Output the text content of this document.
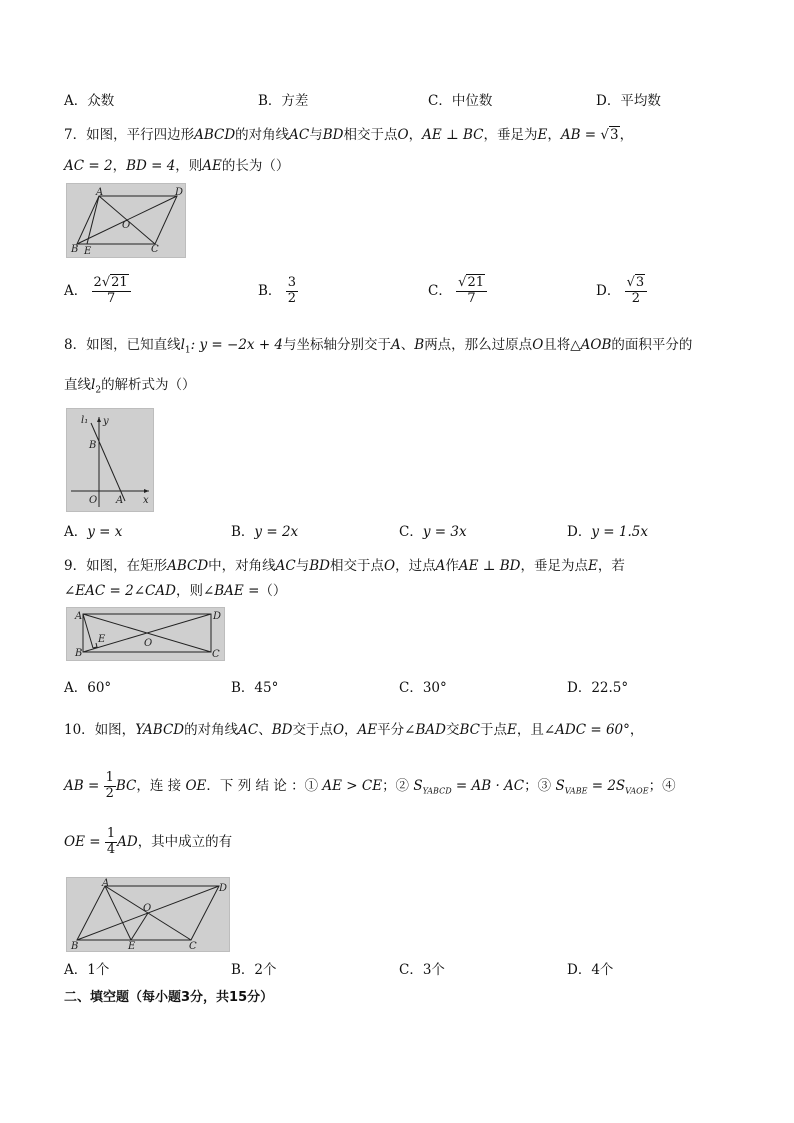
A．众数	B．方差	C．中位数	D．平均数
7．如图，平行四边形ABCD的对角线AC与BD相交于点O，AE ⊥ BC，垂足为E，AB = √3，
AC = 2，BD = 4，则AE的长为（）
A	D
O
B E	C
A． $\frac{2√21}{7}$	B． $\frac{3}{2}$	C． $\frac{√21}{7}$	D． $\frac{√3}{2}$
8．如图，已知直线$l_1$: y = −2x + 4与坐标轴分别交于A、B两点，那么过原点O且将△AOB的面积平分的
直线$l_2$的解析式为（）
l₁ y
B
O A x
A．y = x	B．y = 2x	C．y = 3x	D．y = 1.5x
9．如图，在矩形ABCD中，对角线AC与BD相交于点O，过点A作AE ⊥ BD，垂足为点E，若
∠EAC = 2∠CAD，则∠BAE =（）
A	D
E	O
B	C
A．60°	B．45°	C．30°	D．22.5°
10．如图，YABCD的对角线AC、BD交于点O，AE平分∠BAD交BC于点E，且∠ADC = 60°，
AB = $\frac{1}{2}$ BC，连 接 OE．下 列 结 论 ：① AE > CE；② $S_{YABCD}$ = AB · AC；③ $S_{VABE} = 2S_{VAOE}$；④
OE = $\frac{1}{4}$ AD，其中成立的有
A	D
O
B	E	C
A．1个	B．2个	C．3个	D．4个
二、填空题（每小题3分，共15分）
